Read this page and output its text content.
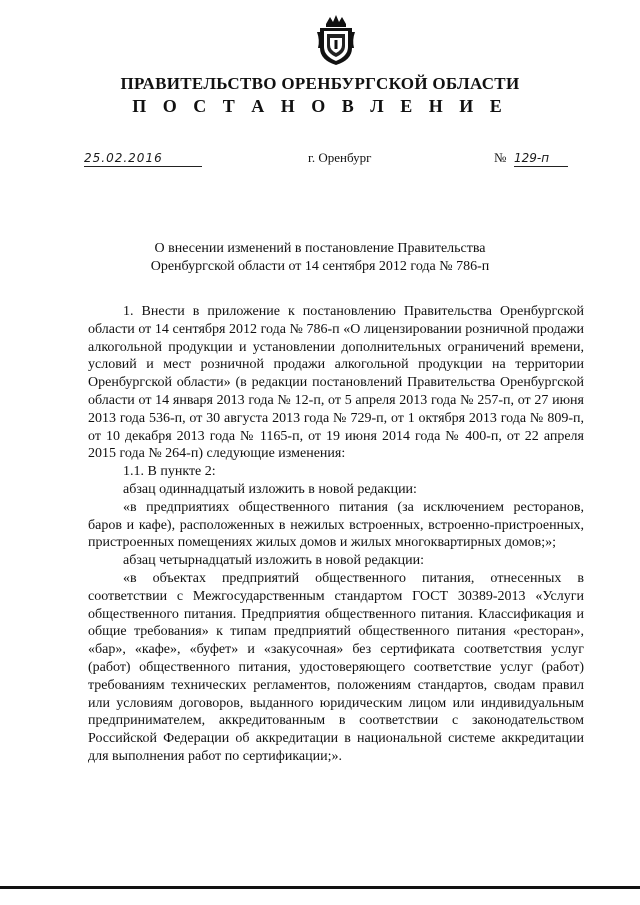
ПРАВИТЕЛЬСТВО ОРЕНБУРГСКОЙ ОБЛАСТИ
П О С Т А Н О В Л Е Н И Е
25.02.2016	г. Оренбург	№ 129-п
О внесении изменений в постановление Правительства
Оренбургской области от 14 сентября 2012 года № 786-п

1. Внести в приложение к постановлению Правительства Оренбургской области от 14 сентября 2012 года № 786-п «О лицензировании розничной продажи алкогольной продукции и установлении дополнительных ограничений времени, условий и мест розничной продажи алкогольной продукции на территории Оренбургской области» (в редакции постановлений Правительства Оренбургской области от 14 января 2013 года № 12-п, от 5 апреля 2013 года № 257-п, от 27 июня 2013 года 536-п, от 30 августа 2013 года № 729-п, от 1 октября 2013 года № 809-п, от 10 декабря 2013 года № 1165-п, от 19 июня 2014 года № 400-п, от 22 апреля 2015 года № 264-п) следующие изменения:

1.1. В пункте 2:

абзац одиннадцатый изложить в новой редакции:

«в предприятиях общественного питания (за исключением ресторанов, баров и кафе), расположенных в нежилых встроенных, встроенно-пристроенных, пристроенных помещениях жилых домов и жилых многоквартирных домов;»;

абзац четырнадцатый изложить в новой редакции:

«в объектах предприятий общественного питания, отнесенных в соответствии с Межгосударственным стандартом ГОСТ 30389-2013 «Услуги общественного питания. Предприятия общественного питания. Классификация и общие требования» к типам предприятий общественного питания «ресторан», «бар», «кафе», «буфет» и «закусочная» без сертификата соответствия услуг (работ) общественного питания, удостоверяющего соответствие услуг (работ) требованиям технических регламентов, положениям стандартов, сводам правил или условиям договоров, выданного юридическим лицом или индивидуальным предпринимателем, аккредитованным в соответствии с законодательством Российской Федерации об аккредитации в национальной системе аккредитации для выполнения работ по сертификации;».
